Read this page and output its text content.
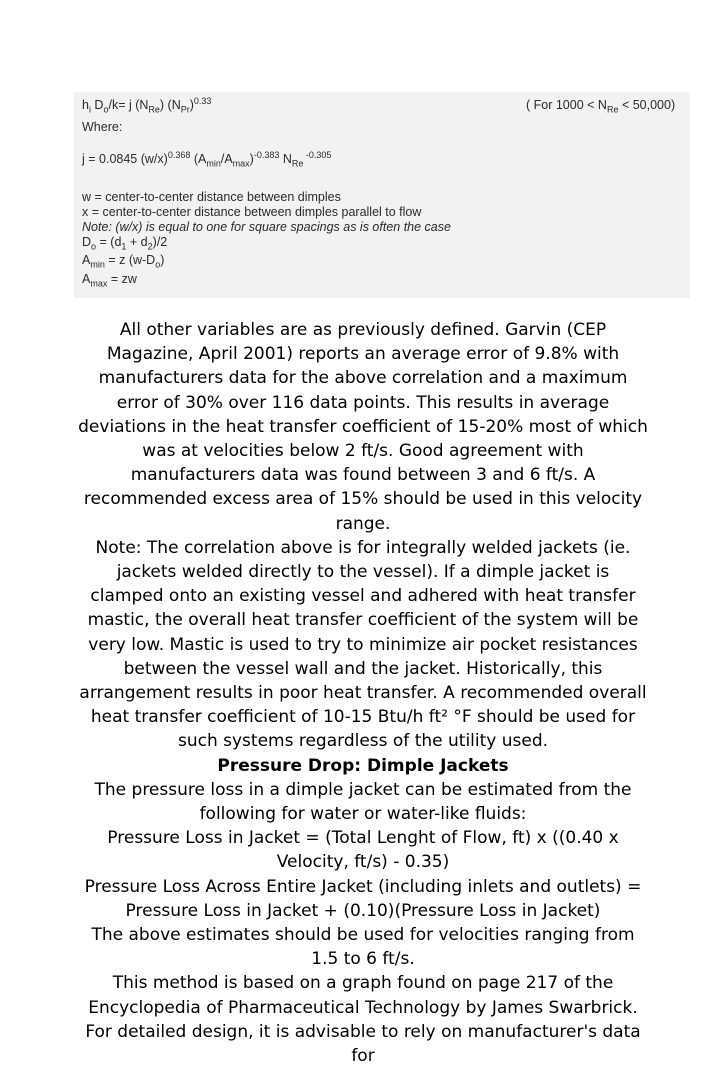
$h_i$ $D_o/k= j$ $(N_{Re})$ $(N_{Pr})^{0.33}$	( For $1000 < N_{Re} < 50,000$)
Where:
j = 0.0845 $(w/x)^{0.368}$ $(A_{min}/A_{max})^{-0.383}$ $N_{Re}$ $^{-0.305}$
w = center-to-center distance between dimples
x = center-to-center distance between dimples parallel to flow
Note: (w/x) is equal to one for square spacings as is often the case
$D_o = (d_1 + d_2)/2$
$A_{min} = z$ $(w-D_o)$
$A_{max}$ = zw

All other variables are as previously defined. Garvin (CEP Magazine, April 2001) reports an average error of 9.8% with manufacturers data for the above correlation and a maximum error of 30% over 116 data points. This results in average deviations in the heat transfer coefficient of 15-20% most of which was at velocities below 2 ft/s. Good agreement with manufacturers data was found between 3 and 6 ft/s. A recommended excess area of 15% should be used in this velocity range.

Note: The correlation above is for integrally welded jackets (ie. jackets welded directly to the vessel). If a dimple jacket is clamped onto an existing vessel and adhered with heat transfer mastic, the overall heat transfer coefficient of the system will be very low. Mastic is used to try to minimize air pocket resistances between the vessel wall and the jacket. Historically, this arrangement results in poor heat transfer. A recommended overall heat transfer coefficient of 10-15 Btu/h ft² °F should be used for such systems regardless of the utility used.

Pressure Drop: Dimple Jackets

The pressure loss in a dimple jacket can be estimated from the following for water or water-like fluids:

Pressure Loss in Jacket = (Total Lenght of Flow, ft) x ((0.40 x Velocity, ft/s) - 0.35)

Pressure Loss Across Entire Jacket (including inlets and outlets) = Pressure Loss in Jacket + (0.10)(Pressure Loss in Jacket)

The above estimates should be used for velocities ranging from 1.5 to 6 ft/s.

This method is based on a graph found on page 217 of the Encyclopedia of Pharmaceutical Technology by James Swarbrick.

For detailed design, it is advisable to rely on manufacturer's data for
